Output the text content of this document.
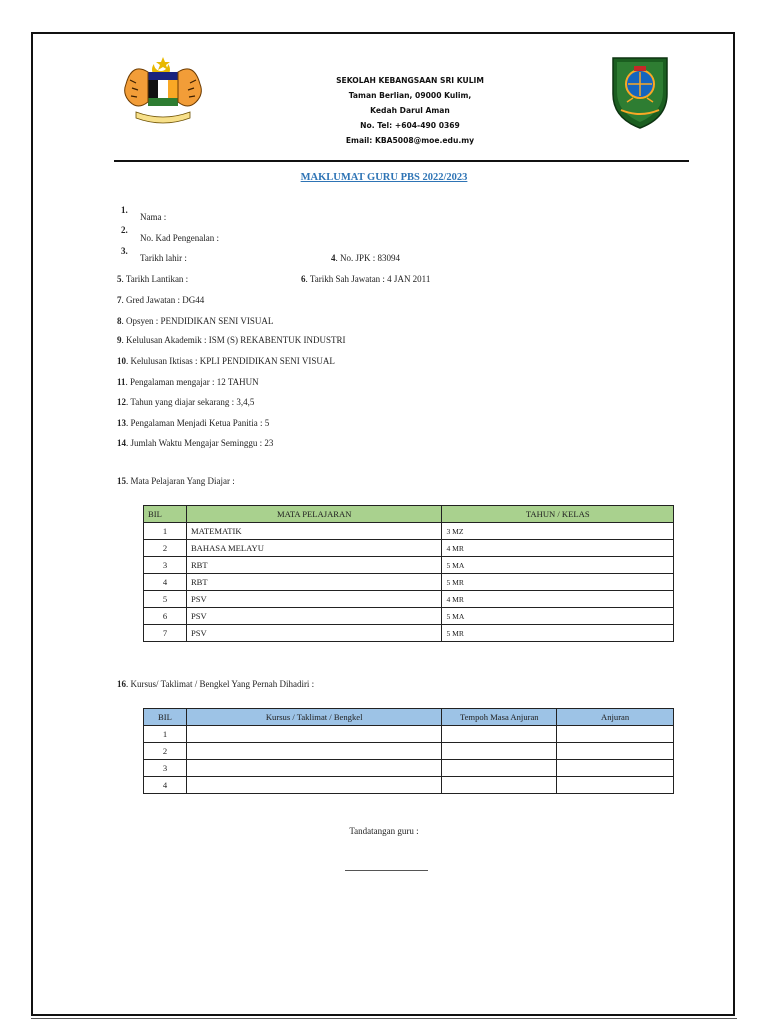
SEKOLAH KEBANGSAAN SRI KULIM
Taman Berlian, 09000 Kulim,
Kedah Darul Aman
No. Tel: +604-490 0369
Email: KBA5008@moe.edu.my
MAKLUMAT GURU PBS 2022/2023
1.
Nama :
2.
No. Kad Pengenalan :
3.
Tarikh lahir :	4. No. JPK : 83094
5. Tarikh Lantikan :	6. Tarikh Sah Jawatan : 4 JAN 2011
7. Gred Jawatan : DG44
8. Opsyen : PENDIDIKAN SENI VISUAL
9. Kelulusan Akademik : ISM (S) REKABENTUK INDUSTRI
10. Kelulusan Iktisas : KPLI PENDIDIKAN SENI VISUAL
11. Pengalaman mengajar : 12 TAHUN
12. Tahun yang diajar sekarang : 3,4,5
13. Pengalaman Menjadi Ketua Panitia : 5
14. Jumlah Waktu Mengajar Seminggu : 23
15. Mata Pelajaran Yang Diajar :
BIL	MATA PELAJARAN	TAHUN / KELAS
1	MATEMATIK	3 MZ
2	BAHASA MELAYU	4 MR
3	RBT	5 MA
4	RBT	5 MR
5	PSV	4 MR
6	PSV	5 MA
7	PSV	5 MR
16. Kursus/ Taklimat / Bengkel Yang Pernah Dihadiri :
BIL	Kursus / Taklimat / Bengkel	Tempoh Masa Anjuran	Anjuran
1			
2			
3			
4			
Tandatangan guru :
